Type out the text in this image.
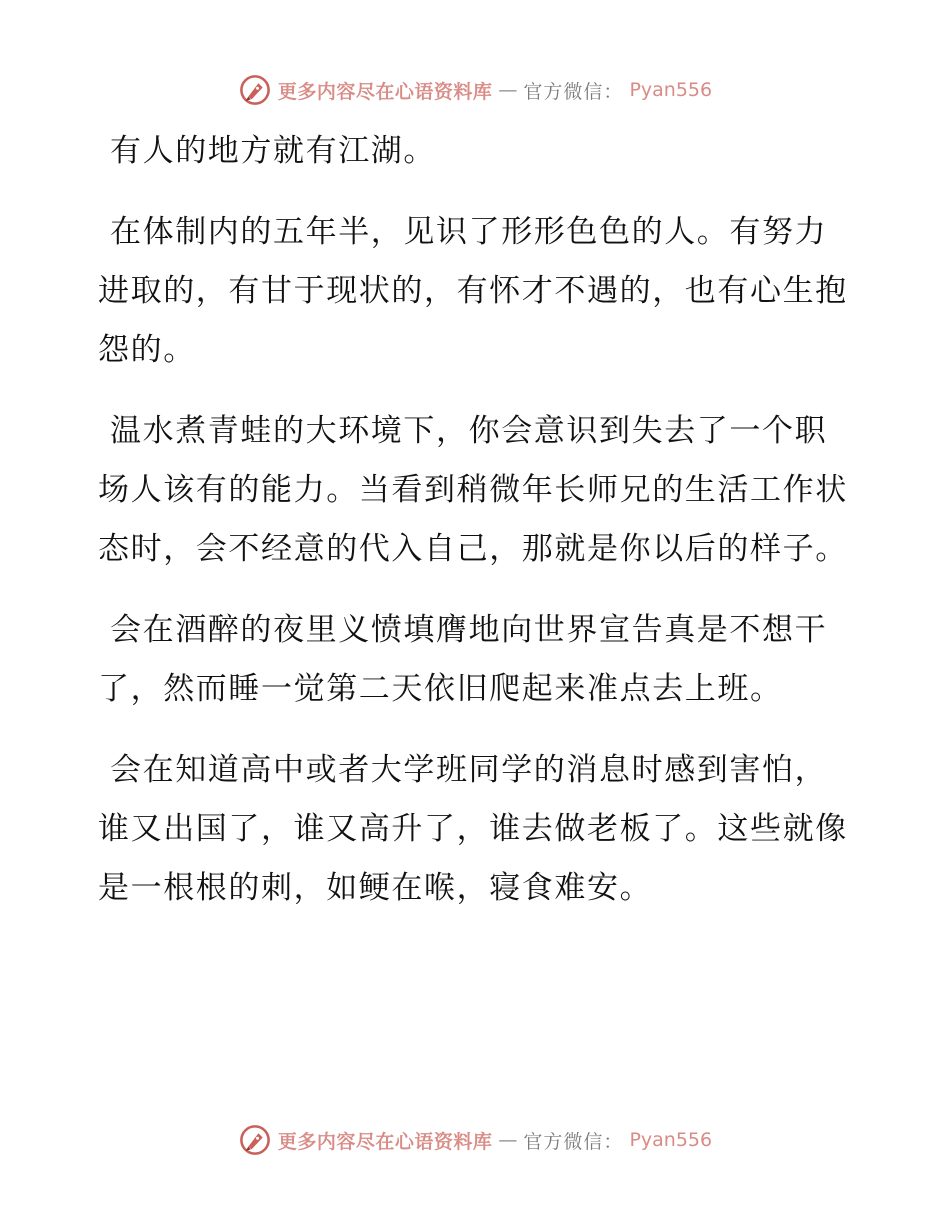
更多内容尽在心语资料库 — 官方微信： Pyan556

有人的地方就有江湖。

在体制内的五年半，见识了形形色色的人。有努力进取的，有甘于现状的，有怀才不遇的，也有心生抱怨的。

温水煮青蛙的大环境下，你会意识到失去了一个职场人该有的能力。当看到稍微年长师兄的生活工作状态时，会不经意的代入自己，那就是你以后的样子。

会在酒醉的夜里义愤填膺地向世界宣告真是不想干了，然而睡一觉第二天依旧爬起来准点去上班。

会在知道高中或者大学班同学的消息时感到害怕，谁又出国了，谁又高升了，谁去做老板了。这些就像是一根根的刺，如鲠在喉，寝食难安。

更多内容尽在心语资料库 — 官方微信： Pyan556
